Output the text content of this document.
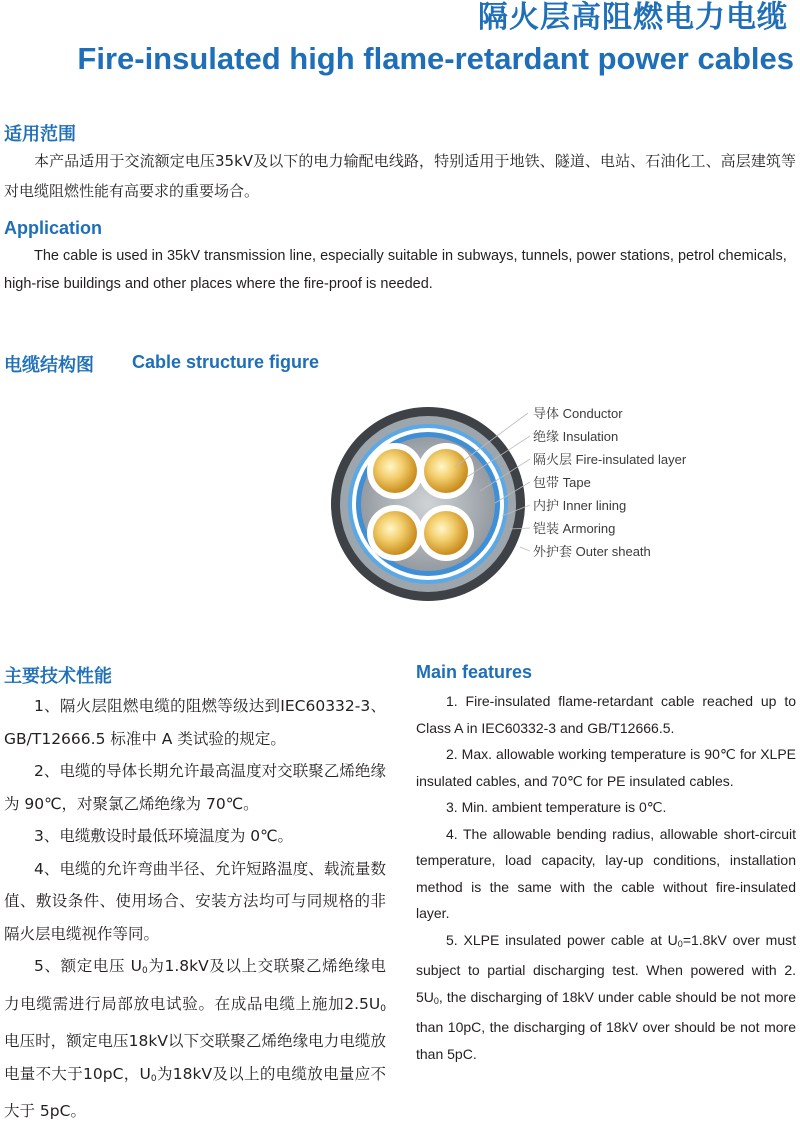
隔火层高阻燃电力电缆
Fire-insulated high flame-retardant power cables
适用范围

本产品适用于交流额定电压35kV及以下的电力输配电线路，特别适用于地铁、隧道、电站、石油化工、高层建筑等对电缆阻燃性能有高要求的重要场合。

Application

The cable is used in 35kV transmission line, especially suitable in subways, tunnels, power stations, petrol chemicals, high-rise buildings and other places where the fire-proof is needed.

电缆结构图 Cable structure figure
导体 Conductor
绝缘 Insulation
隔火层 Fire-insulated layer
包带 Tape
内护 Inner lining
铠装 Armoring
外护套 Outer sheath
主要技术性能	Main features

1、隔火层阻燃电缆的阻燃等级达到IEC60332-3、GB/T12666.5 标准中 A 类试验的规定。

2、电缆的导体长期允许最高温度对交联聚乙烯绝缘为 90℃，对聚氯乙烯绝缘为 70℃。

3、电缆敷设时最低环境温度为 0℃。

4、电缆的允许弯曲半径、允许短路温度、载流量数值、敷设条件、使用场合、安装方法均可与同规格的非隔火层电缆视作等同。

5、额定电压 $U_0$为1.8kV及以上交联聚乙烯绝缘电力电缆需进行局部放电试验。在成品电缆上施加$2.5U_0$电压时，额定电压18kV以下交联聚乙烯绝缘电力电缆放电量不大于10pC，$U_0$为18kV及以上的电缆放电量应不大于 5pC。

1. Fire-insulated flame-retardant cable reached up to Class A in IEC60332-3 and GB/T12666.5.

2. Max. allowable working temperature is 90℃ for XLPE insulated cables, and 70℃ for PE insulated cables.

3. Min. ambient temperature is 0℃.

4. The allowable bending radius, allowable short-circuit temperature, load capacity, lay-up conditions, installation method is the same with the cable without fire-insulated layer.

5. XLPE insulated power cable at $U_0=1.8kV$ over must subject to partial discharging test. When powered with 2. $5U_0$, the discharging of 18kV under cable should be not more than 10pC, the discharging of 18kV over should be not more than 5pC.
